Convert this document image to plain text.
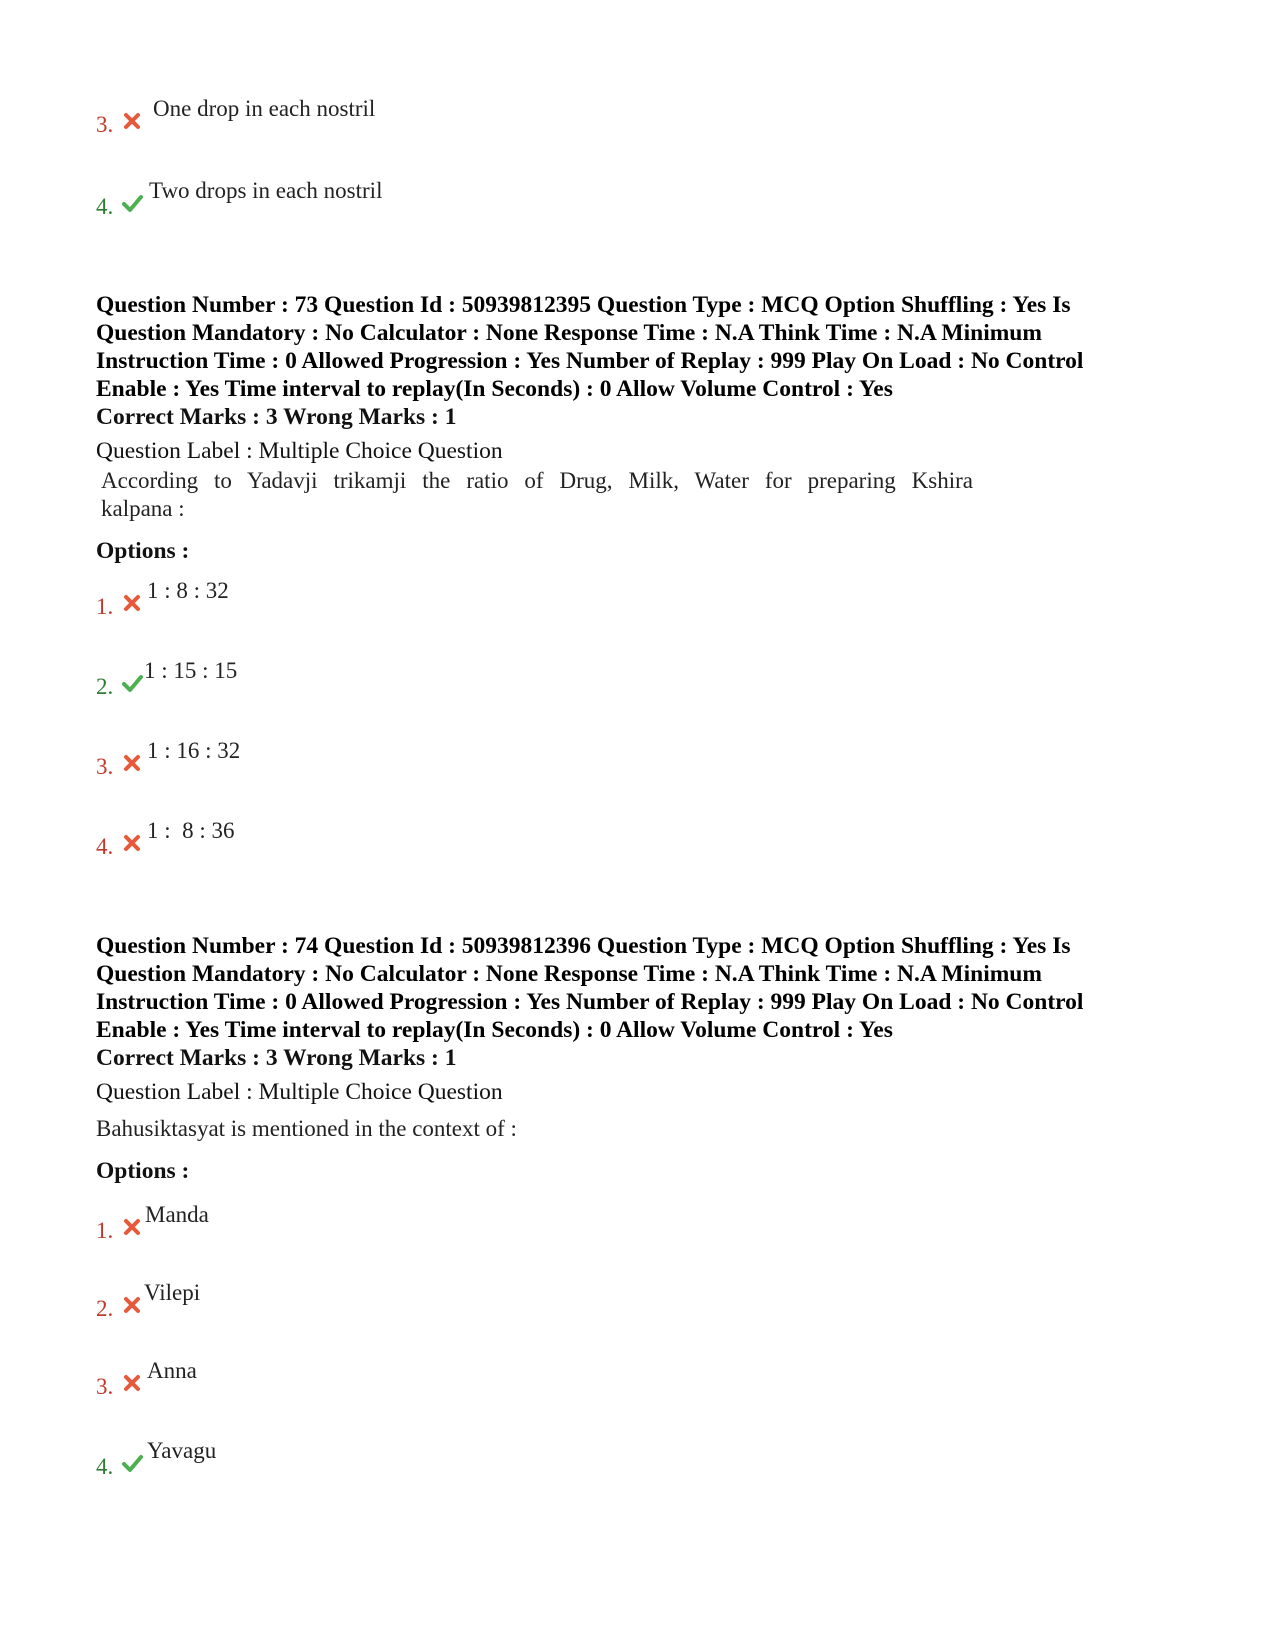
3.
One drop in each nostril
4.
Two drops in each nostril
Question Number : 73 Question Id : 50939812395 Question Type : MCQ Option Shuffling : Yes Is
Question Mandatory : No Calculator : None Response Time : N.A Think Time : N.A Minimum
Instruction Time : 0 Allowed Progression : Yes Number of Replay : 999 Play On Load : No Control
Enable : Yes Time interval to replay(In Seconds) : 0 Allow Volume Control : Yes
Correct Marks : 3 Wrong Marks : 1
Question Label : Multiple Choice Question
According to Yadavji trikamji the ratio of Drug, Milk, Water for preparing Kshira
kalpana :
Options :
1.
1 : 8 : 32
2.
1 : 15 : 15
3.
1 : 16 : 32
4.
1 :  8 : 36
Question Number : 74 Question Id : 50939812396 Question Type : MCQ Option Shuffling : Yes Is
Question Mandatory : No Calculator : None Response Time : N.A Think Time : N.A Minimum
Instruction Time : 0 Allowed Progression : Yes Number of Replay : 999 Play On Load : No Control
Enable : Yes Time interval to replay(In Seconds) : 0 Allow Volume Control : Yes
Correct Marks : 3 Wrong Marks : 1
Question Label : Multiple Choice Question
Bahusiktasyat is mentioned in the context of :
Options :
1.
Manda
2.
Vilepi
3.
Anna
4.
Yavagu
